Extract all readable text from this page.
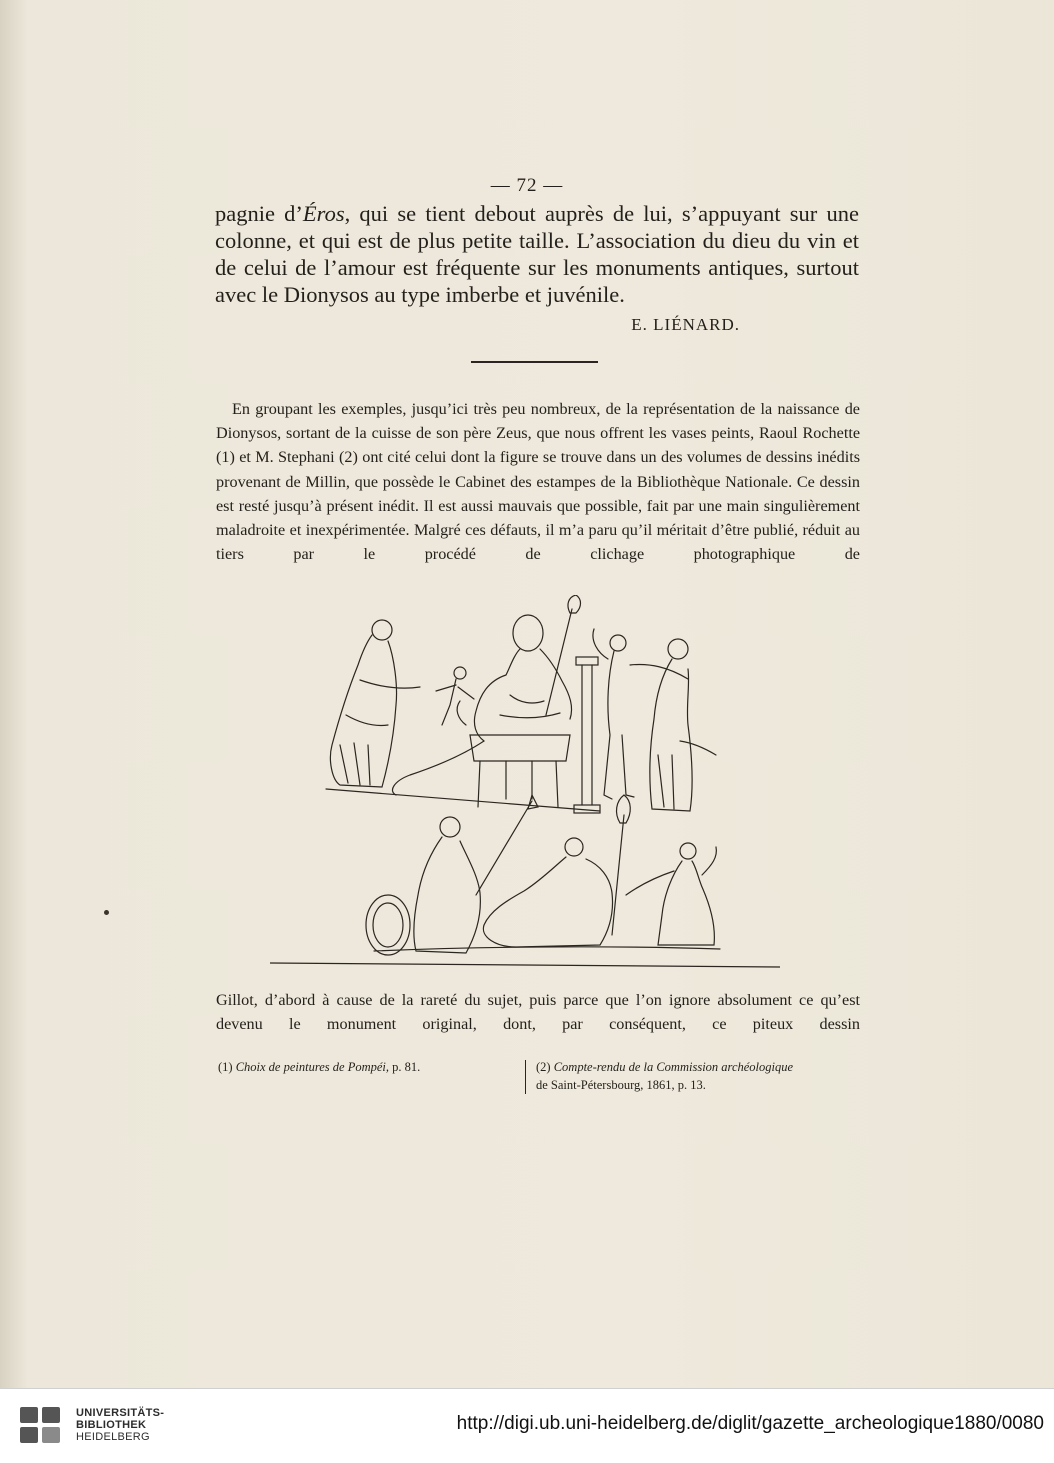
— 72 —

pagnie d’Éros, qui se tient debout auprès de lui, s’appuyant sur une colonne, et qui est de plus petite taille. L’association du dieu du vin et de celui de l’amour est fréquente sur les monuments antiques, surtout avec le Dionysos au type imberbe et juvénile.

E. LIÉNARD.
En groupant les exemples, jusqu’ici très peu nombreux, de la représentation de la naissance de Dionysos, sortant de la cuisse de son père Zeus, que nous offrent les vases peints, Raoul Rochette (1) et M. Stephani (2) ont cité celui dont la figure se trouve dans un des volumes de dessins inédits provenant de Millin, que possède le Cabinet des estampes de la Bibliothèque Nationale. Ce dessin est resté jusqu’à présent inédit. Il est aussi mauvais que possible, fait par une main singulièrement maladroite et inexpérimentée. Malgré ces défauts, il m’a paru qu’il méritait d’être publié, réduit au tiers par le procédé de clichage photographique de
Gillot, d’abord à cause de la rareté du sujet, puis parce que l’on ignore absolument ce qu’est devenu le monument original, dont, par conséquent, ce piteux dessin
(1) Choix de peintures de Pompéi, p. 81.	(2) Compte-rendu de la Commission archéologique
de Saint-Pétersbourg, 1861, p. 13.
UNIVERSITÄTS-
BIBLIOTHEK
HEIDELBERG
http://digi.ub.uni-heidelberg.de/diglit/gazette_archeologique1880/0080
